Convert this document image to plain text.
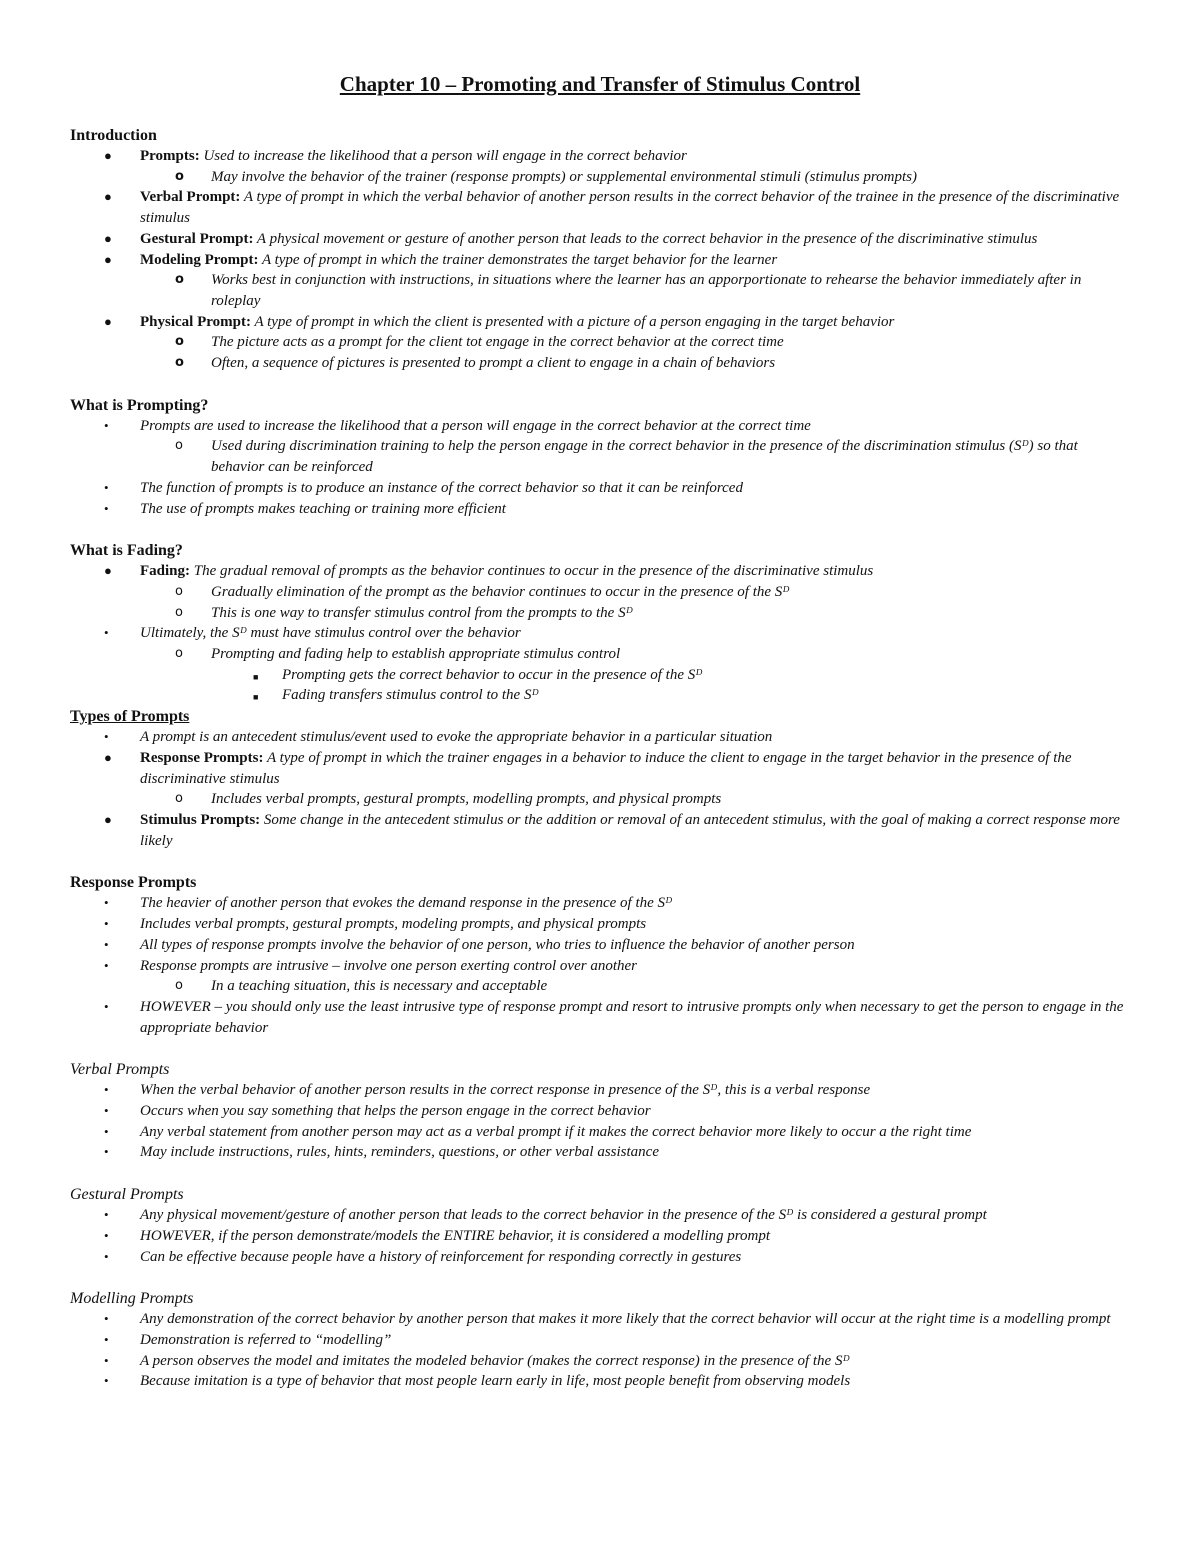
Chapter 10 – Promoting and Transfer of Stimulus Control
Introduction
● Prompts: Used to increase the likelihood that a person will engage in the correct behavior
o May involve the behavior of the trainer (response prompts) or supplemental environmental stimuli (stimulus prompts)
● Verbal Prompt: A type of prompt in which the verbal behavior of another person results in the correct behavior of the trainee in the presence of the discriminative stimulus
● Gestural Prompt: A physical movement or gesture of another person that leads to the correct behavior in the presence of the discriminative stimulus
● Modeling Prompt: A type of prompt in which the trainer demonstrates the target behavior for the learner
o Works best in conjunction with instructions, in situations where the learner has an apporportionate to rehearse the behavior immediately after in roleplay
● Physical Prompt: A type of prompt in which the client is presented with a picture of a person engaging in the target behavior
o The picture acts as a prompt for the client tot engage in the correct behavior at the correct time
o Often, a sequence of pictures is presented to prompt a client to engage in a chain of behaviors
What is Prompting?
• Prompts are used to increase the likelihood that a person will engage in the correct behavior at the correct time
o Used during discrimination training to help the person engage in the correct behavior in the presence of the discrimination stimulus (Sᴰ) so that behavior can be reinforced
• The function of prompts is to produce an instance of the correct behavior so that it can be reinforced
• The use of prompts makes teaching or training more efficient
What is Fading?
● Fading: The gradual removal of prompts as the behavior continues to occur in the presence of the discriminative stimulus
o Gradually elimination of the prompt as the behavior continues to occur in the presence of the Sᴰ
o This is one way to transfer stimulus control from the prompts to the Sᴰ
• Ultimately, the Sᴰ must have stimulus control over the behavior
o Prompting and fading help to establish appropriate stimulus control
■ Prompting gets the correct behavior to occur in the presence of the Sᴰ
■ Fading transfers stimulus control to the Sᴰ
Types of Prompts
• A prompt is an antecedent stimulus/event used to evoke the appropriate behavior in a particular situation
● Response Prompts: A type of prompt in which the trainer engages in a behavior to induce the client to engage in the target behavior in the presence of the discriminative stimulus
o Includes verbal prompts, gestural prompts, modelling prompts, and physical prompts
● Stimulus Prompts: Some change in the antecedent stimulus or the addition or removal of an antecedent stimulus, with the goal of making a correct response more likely
Response Prompts
• The heavier of another person that evokes the demand response in the presence of the Sᴰ
• Includes verbal prompts, gestural prompts, modeling prompts, and physical prompts
• All types of response prompts involve the behavior of one person, who tries to influence the behavior of another person
• Response prompts are intrusive – involve one person exerting control over another
o In a teaching situation, this is necessary and acceptable
• HOWEVER – you should only use the least intrusive type of response prompt and resort to intrusive prompts only when necessary to get the person to engage in the appropriate behavior
Verbal Prompts
• When the verbal behavior of another person results in the correct response in presence of the Sᴰ, this is a verbal response
• Occurs when you say something that helps the person engage in the correct behavior
• Any verbal statement from another person may act as a verbal prompt if it makes the correct behavior more likely to occur a the right time
• May include instructions, rules, hints, reminders, questions, or other verbal assistance
Gestural Prompts
• Any physical movement/gesture of another person that leads to the correct behavior in the presence of the Sᴰ is considered a gestural prompt
• HOWEVER, if the person demonstrate/models the ENTIRE behavior, it is considered a modelling prompt
• Can be effective because people have a history of reinforcement for responding correctly in gestures
Modelling Prompts
• Any demonstration of the correct behavior by another person that makes it more likely that the correct behavior will occur at the right time is a modelling prompt
• Demonstration is referred to “modelling”
• A person observes the model and imitates the modeled behavior (makes the correct response) in the presence of the Sᴰ
• Because imitation is a type of behavior that most people learn early in life, most people benefit from observing models
